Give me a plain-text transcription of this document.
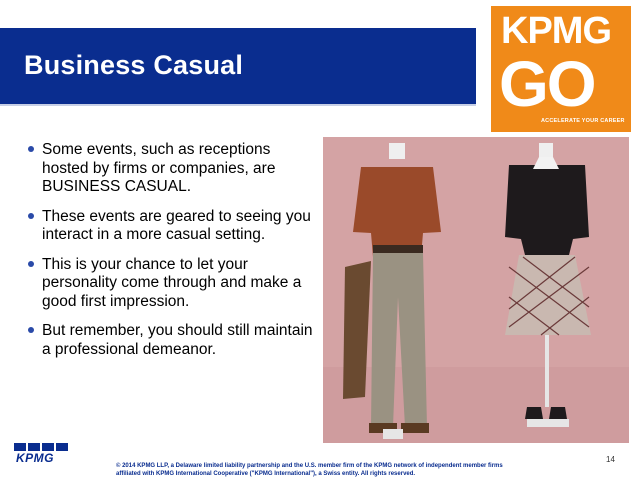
Business Casual
KPMG
GO
ACCELERATE YOUR CAREER
Some events, such as receptions hosted by firms or companies, are BUSINESS CASUAL.
These events are geared to seeing you interact in a more casual setting.
This is your chance to let your personality come through and make a good first impression.
But remember, you should still maintain a professional demeanor.
KPMG
© 2014 KPMG LLP, a Delaware limited liability partnership and the U.S. member firm of the KPMG network of independent member firms affiliated with KPMG International Cooperative ("KPMG International"), a Swiss entity. All rights reserved.
14
